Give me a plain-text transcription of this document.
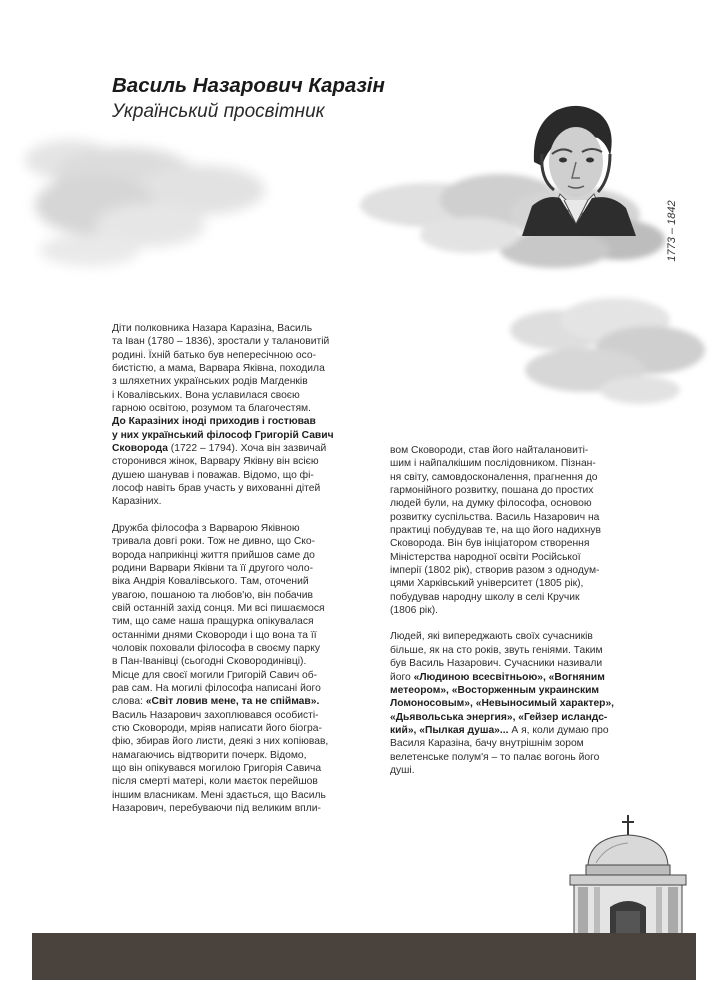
Василь Назарович Каразін
Український просвітник
1773 – 1842

Діти полковника Назара Каразіна, Василь
та Іван (1780 – 1836), зростали у талановитій
родині. Їхній батько був непересічною осо-
бистістю, а мама, Варвара Яківна, походила
з шляхетних українських родів Магденків
і Ковалівських. Вона уславилася своєю
гарною освітою, розумом та благочестям.
До Каразіних іноді приходив і гостював
у них український філософ Григорій Савич
Сковорода (1722 – 1794). Хоча він зазвичай
сторонився жінок, Варвару Яківну він всією
душею шанував і поважав. Відомо, що фі-
лософ навіть брав участь у вихованні дітей
Каразіних.

Дружба філософа з Варварою Яківною
тривала довгі роки. Тож не дивно, що Ско-
ворода наприкінці життя прийшов саме до
родини Варвари Яківни та її другого чоло-
віка Андрія Ковалівського. Там, оточений
увагою, пошаною та любов'ю, він побачив
свій останній захід сонця. Ми всі пишаємося
тим, що саме наша пращурка опікувалася
останніми днями Сковороди і що вона та її
чоловік поховали філософа в своєму парку
в Пан-Іванівці (сьогодні Сковородинівці).
Місце для своєї могили Григорій Савич об-
рав сам. На могилі філософа написані його
слова: «Світ ловив мене, та не спіймав».
Василь Назарович захоплювався особисті-
стю Сковороди, мріяв написати його біогра-
фію, збирав його листи, деякі з них копіював,
намагаючись відтворити почерк. Відомо,
що він опікувався могилою Григорія Савича
після смерті матері, коли маєток перейшов
іншим власникам. Мені здається, що Василь
Назарович, перебуваючи під великим впли-

вом Сковороди, став його найталановиті-
шим і найпалкішим послідовником. Пізнан-
ня світу, самовдосконалення, прагнення до
гармонійного розвитку, пошана до простих
людей були, на думку філософа, основою
розвитку суспільства. Василь Назарович на
практиці побудував те, на що його надихнув
Сковорода. Він був ініціатором створення
Міністерства народної освіти Російської
імперії (1802 рік), створив разом з однодум-
цями Харківський університет (1805 рік),
побудував народну школу в селі Кручик
(1806 рік).

Людей, які випереджають своїх сучасників
більше, як на сто років, звуть геніями. Таким
був Василь Назарович. Сучасники називали
його «Людиною всесвітньою», «Вогняним
метеором», «Восторженным украинским
Ломоносовым», «Невыносимый характер»,
«Дьявольська энергия», «Гейзер исландс-
кий», «Пылкая душа»... А я, коли думаю про
Василя Каразіна, бачу внутрішнім зором
велетенське полум'я – то палає вогонь його
душі.
